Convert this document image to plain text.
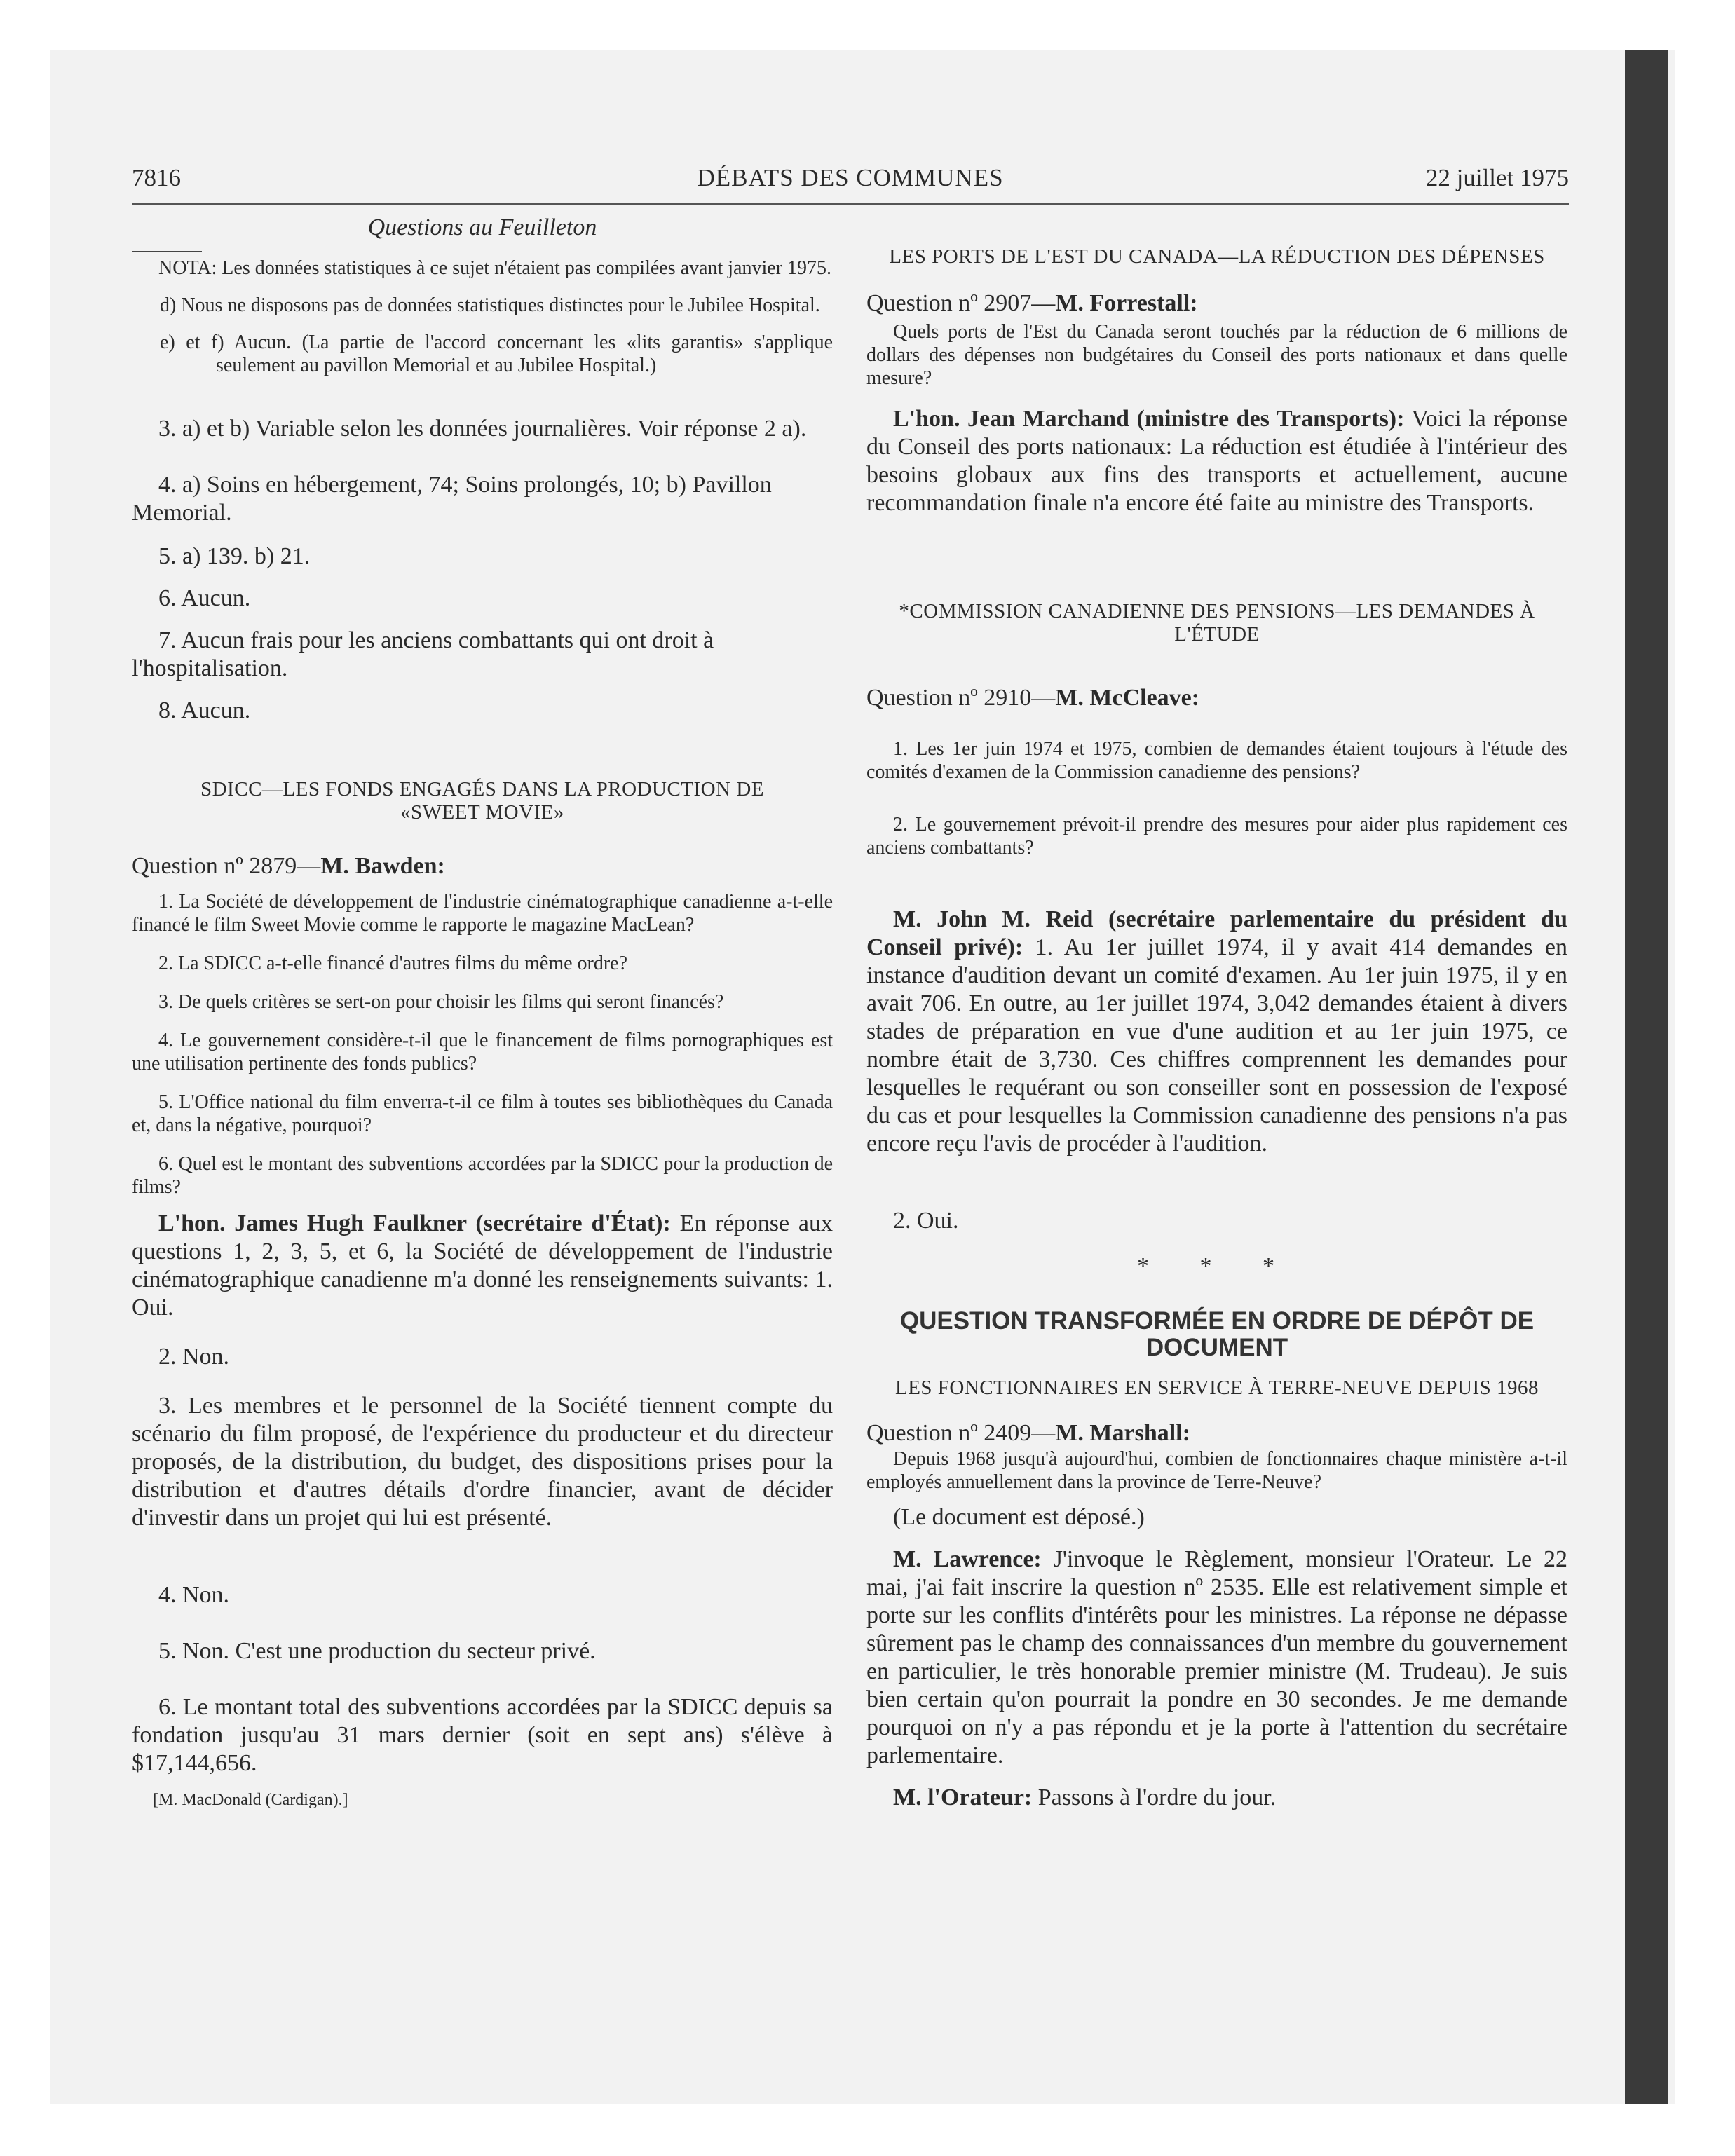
7816	DÉBATS DES COMMUNES	22 juillet 1975
Questions au Feuilleton

NOTA: Les données statistiques à ce sujet n'étaient pas compilées avant janvier 1975.

d) Nous ne disposons pas de données statistiques distinctes pour le Jubilee Hospital.

e) et f) Aucun. (La partie de l'accord concernant les «lits garantis» s'applique seulement au pavillon Memorial et au Jubilee Hospital.)

3. a) et b) Variable selon les données journalières. Voir réponse 2 a).

4. a) Soins en hébergement, 74; Soins prolongés, 10; b) Pavillon Memorial.

5. a) 139. b) 21.

6. Aucun.

7. Aucun frais pour les anciens combattants qui ont droit à l'hospitalisation.

8. Aucun.

SDICC—LES FONDS ENGAGÉS DANS LA PRODUCTION DE
«SWEET MOVIE»

Question nº 2879—M. Bawden:

1. La Société de développement de l'industrie cinématographique canadienne a-t-elle financé le film Sweet Movie comme le rapporte le magazine MacLean?

2. La SDICC a-t-elle financé d'autres films du même ordre?

3. De quels critères se sert-on pour choisir les films qui seront financés?

4. Le gouvernement considère-t-il que le financement de films pornographiques est une utilisation pertinente des fonds publics?

5. L'Office national du film enverra-t-il ce film à toutes ses bibliothèques du Canada et, dans la négative, pourquoi?

6. Quel est le montant des subventions accordées par la SDICC pour la production de films?

L'hon. James Hugh Faulkner (secrétaire d'État): En réponse aux questions 1, 2, 3, 5, et 6, la Société de développement de l'industrie cinématographique canadienne m'a donné les renseignements suivants: 1. Oui.

2. Non.

3. Les membres et le personnel de la Société tiennent compte du scénario du film proposé, de l'expérience du producteur et du directeur proposés, de la distribution, du budget, des dispositions prises pour la distribution et d'autres détails d'ordre financier, avant de décider d'investir dans un projet qui lui est présenté.

4. Non.

5. Non. C'est une production du secteur privé.

6. Le montant total des subventions accordées par la SDICC depuis sa fondation jusqu'au 31 mars dernier (soit en sept ans) s'élève à $17,144,656.

[M. MacDonald (Cardigan).]

LES PORTS DE L'EST DU CANADA—LA RÉDUCTION DES DÉPENSES

Question nº 2907—M. Forrestall:

Quels ports de l'Est du Canada seront touchés par la réduction de 6 millions de dollars des dépenses non budgétaires du Conseil des ports nationaux et dans quelle mesure?

L'hon. Jean Marchand (ministre des Transports): Voici la réponse du Conseil des ports nationaux: La réduction est étudiée à l'intérieur des besoins globaux aux fins des transports et actuellement, aucune recommandation finale n'a encore été faite au ministre des Transports.

*COMMISSION CANADIENNE DES PENSIONS—LES DEMANDES À L'ÉTUDE

Question nº 2910—M. McCleave:

1. Les 1er juin 1974 et 1975, combien de demandes étaient toujours à l'étude des comités d'examen de la Commission canadienne des pensions?

2. Le gouvernement prévoit-il prendre des mesures pour aider plus rapidement ces anciens combattants?

M. John M. Reid (secrétaire parlementaire du président du Conseil privé): 1. Au 1er juillet 1974, il y avait 414 demandes en instance d'audition devant un comité d'examen. Au 1er juin 1975, il y en avait 706. En outre, au 1er juillet 1974, 3,042 demandes étaient à divers stades de préparation en vue d'une audition et au 1er juin 1975, ce nombre était de 3,730. Ces chiffres comprennent les demandes pour lesquelles le requérant ou son conseiller sont en possession de l'exposé du cas et pour lesquelles la Commission canadienne des pensions n'a pas encore reçu l'avis de procéder à l'audition.

2. Oui.

* * *
QUESTION TRANSFORMÉE EN ORDRE DE DÉPÔT DE DOCUMENT
LES FONCTIONNAIRES EN SERVICE À TERRE-NEUVE DEPUIS 1968

Question nº 2409—M. Marshall:

Depuis 1968 jusqu'à aujourd'hui, combien de fonctionnaires chaque ministère a-t-il employés annuellement dans la province de Terre-Neuve?

(Le document est déposé.)

M. Lawrence: J'invoque le Règlement, monsieur l'Orateur. Le 22 mai, j'ai fait inscrire la question nº 2535. Elle est relativement simple et porte sur les conflits d'intérêts pour les ministres. La réponse ne dépasse sûrement pas le champ des connaissances d'un membre du gouvernement en particulier, le très honorable premier ministre (M. Trudeau). Je suis bien certain qu'on pourrait la pondre en 30 secondes. Je me demande pourquoi on n'y a pas répondu et je la porte à l'attention du secrétaire parlementaire.

M. l'Orateur: Passons à l'ordre du jour.
